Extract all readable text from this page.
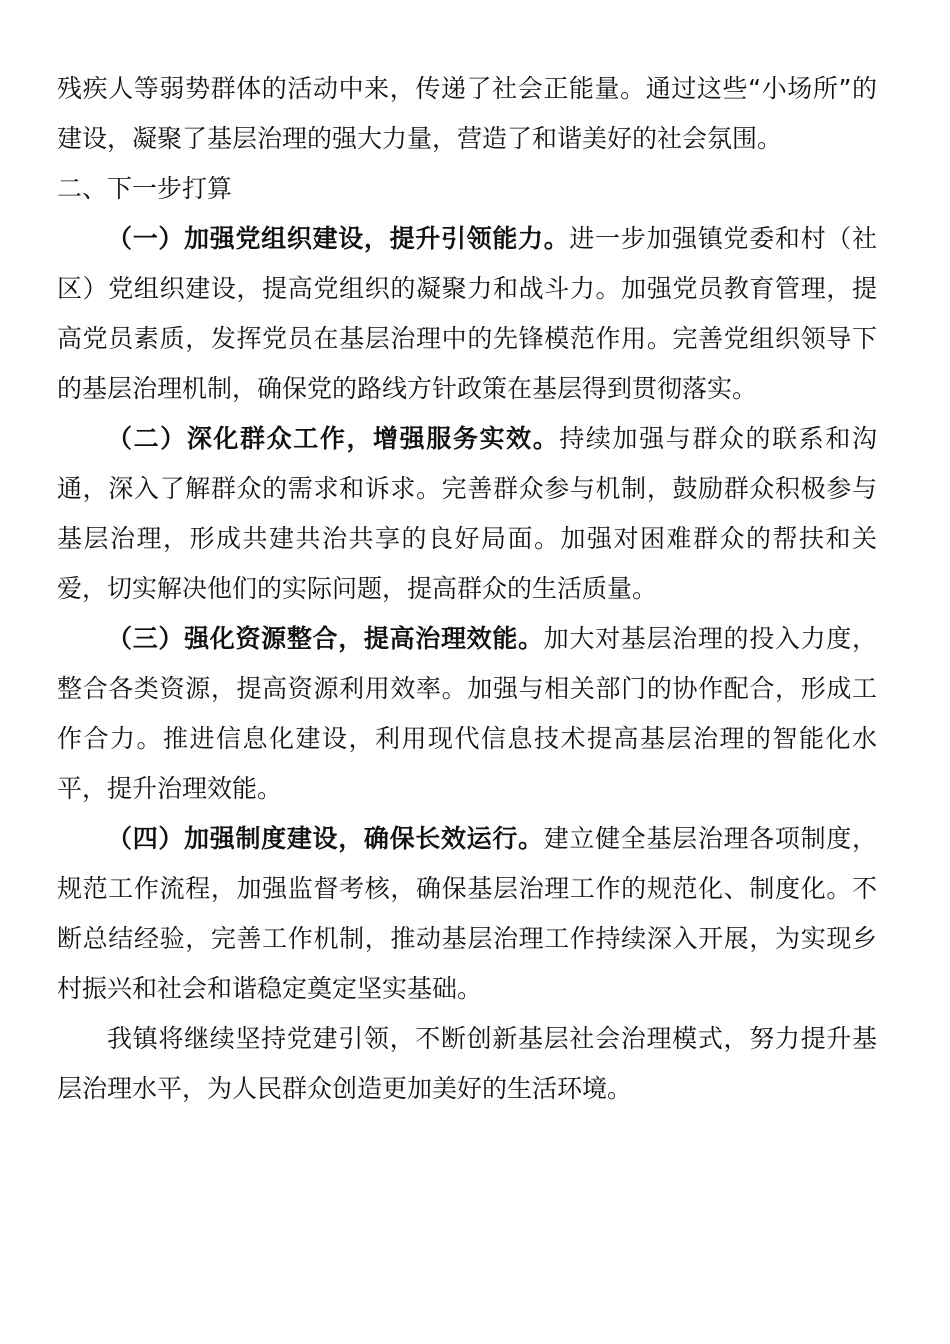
残疾人等弱势群体的活动中来，传递了社会正能量。通过这些“小场所”的建设，凝聚了基层治理的强大力量，营造了和谐美好的社会氛围。

二、下一步打算

（一）加强党组织建设，提升引领能力。进一步加强镇党委和村（社区）党组织建设，提高党组织的凝聚力和战斗力。加强党员教育管理，提高党员素质，发挥党员在基层治理中的先锋模范作用。完善党组织领导下的基层治理机制，确保党的路线方针政策在基层得到贯彻落实。

（二）深化群众工作，增强服务实效。持续加强与群众的联系和沟通，深入了解群众的需求和诉求。完善群众参与机制，鼓励群众积极参与基层治理，形成共建共治共享的良好局面。加强对困难群众的帮扶和关爱，切实解决他们的实际问题，提高群众的生活质量。

（三）强化资源整合，提高治理效能。加大对基层治理的投入力度，整合各类资源，提高资源利用效率。加强与相关部门的协作配合，形成工作合力。推进信息化建设，利用现代信息技术提高基层治理的智能化水平，提升治理效能。

（四）加强制度建设，确保长效运行。建立健全基层治理各项制度，规范工作流程，加强监督考核，确保基层治理工作的规范化、制度化。不断总结经验，完善工作机制，推动基层治理工作持续深入开展，为实现乡村振兴和社会和谐稳定奠定坚实基础。

我镇将继续坚持党建引领，不断创新基层社会治理模式，努力提升基层治理水平，为人民群众创造更加美好的生活环境。
